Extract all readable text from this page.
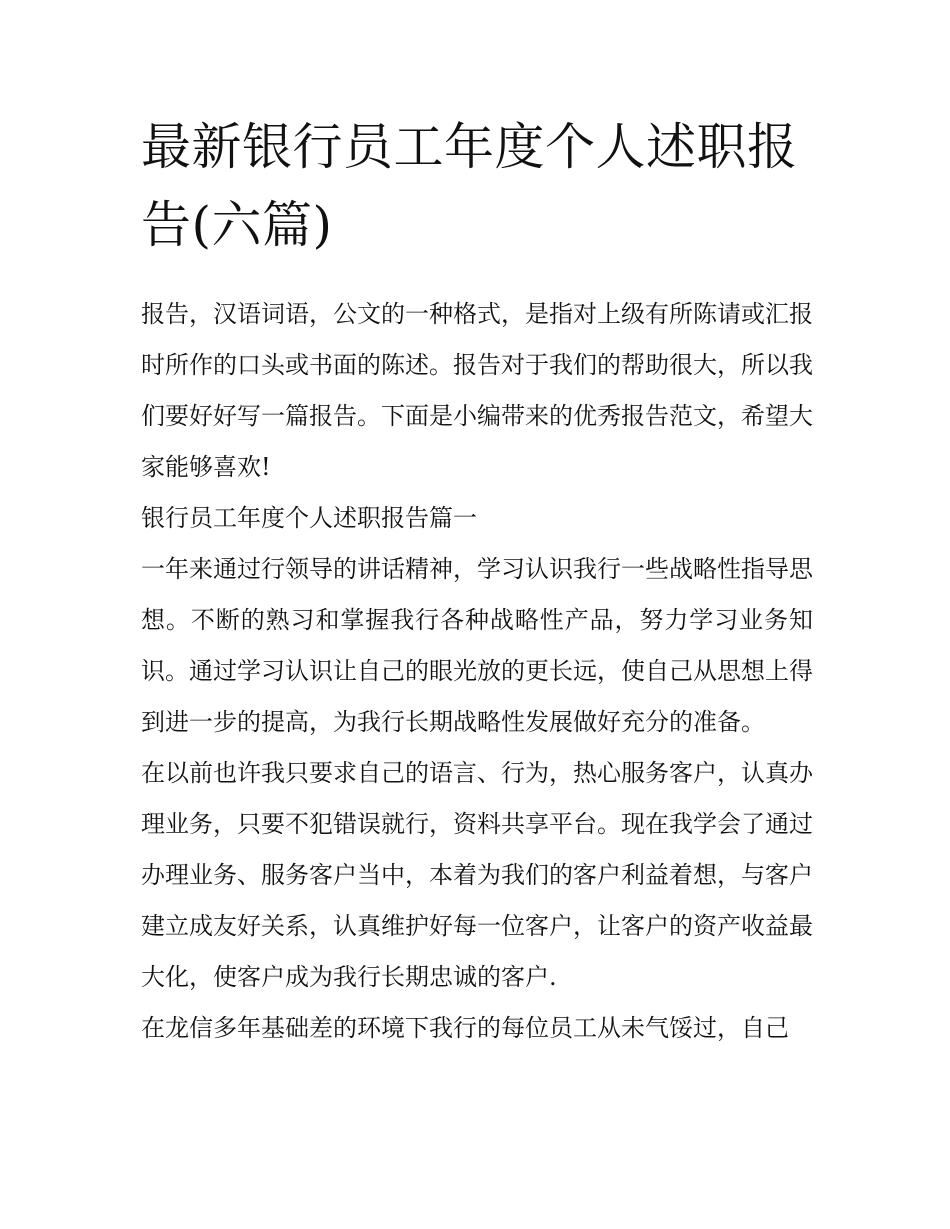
最新银行员工年度个人述职报告(六篇)

报告，汉语词语，公文的一种格式，是指对上级有所陈请或汇报时所作的口头或书面的陈述。报告对于我们的帮助很大，所以我们要好好写一篇报告。下面是小编带来的优秀报告范文，希望大家能够喜欢!

银行员工年度个人述职报告篇一

一年来通过行领导的讲话精神，学习认识我行一些战略性指导思想。不断的熟习和掌握我行各种战略性产品，努力学习业务知识。通过学习认识让自己的眼光放的更长远，使自己从思想上得到进一步的提高，为我行长期战略性发展做好充分的准备。

在以前也许我只要求自己的语言、行为，热心服务客户，认真办理业务，只要不犯错误就行，资料共享平台。现在我学会了通过办理业务、服务客户当中，本着为我们的客户利益着想，与客户建立成友好关系，认真维护好每一位客户，让客户的资产收益最大化，使客户成为我行长期忠诚的客户.

在龙信多年基础差的环境下我行的每位员工从未气馁过，自己
